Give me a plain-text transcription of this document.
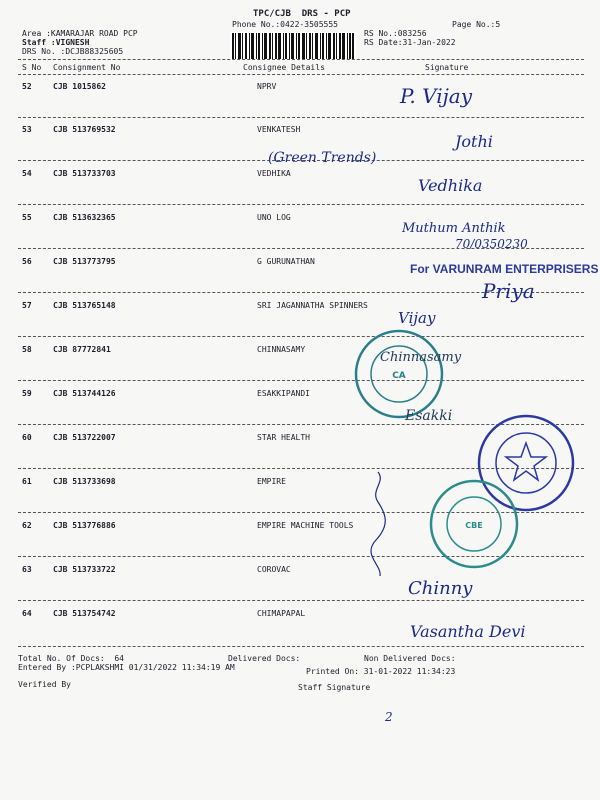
TPC/CJB  DRS - PCP
Phone No.:0422-3505555	Page No.:5
Area :KAMARAJAR ROAD PCP
Staff :VIGNESH
DRS No. :DCJB88325605
RS No.:083256
RS Date:31-Jan-2022
S No Consignment No	Consignee Details	Signature
52	CJB 1015862	NPRV
53	CJB 513769532	VENKATESH
54	CJB 513733703	VEDHIKA
55	CJB 513632365	UNO LOG
56	CJB 513773795	G GURUNATHAN
57	CJB 513765148	SRI JAGANNATHA SPINNERS
58	CJB 87772841	CHINNASAMY
59	CJB 513744126	ESAKKIPANDI
60	CJB 513722007	STAR HEALTH
61	CJB 513733698	EMPIRE
62	CJB 513776886	EMPIRE MACHINE TOOLS
63	CJB 513733722	COROVAC
64	CJB 513754742	CHIMAPAPAL
CA
CBE
P. Vijay
Jothi
(Green Trends)
Vedhika
Muthum Anthik
70/0350230
For VARUNRAM ENTERPRISERS
Priya
Vijay
Chinnasamy
Esakki
2
Chinny
Vasantha Devi
Total No. Of Docs:  64	Delivered Docs:	Non Delivered Docs:
Entered By :PCPLAKSHMI 01/31/2022 11:34:19 AM	Printed On: 31-01-2022 11:34:23
Verified By	Staff Signature
